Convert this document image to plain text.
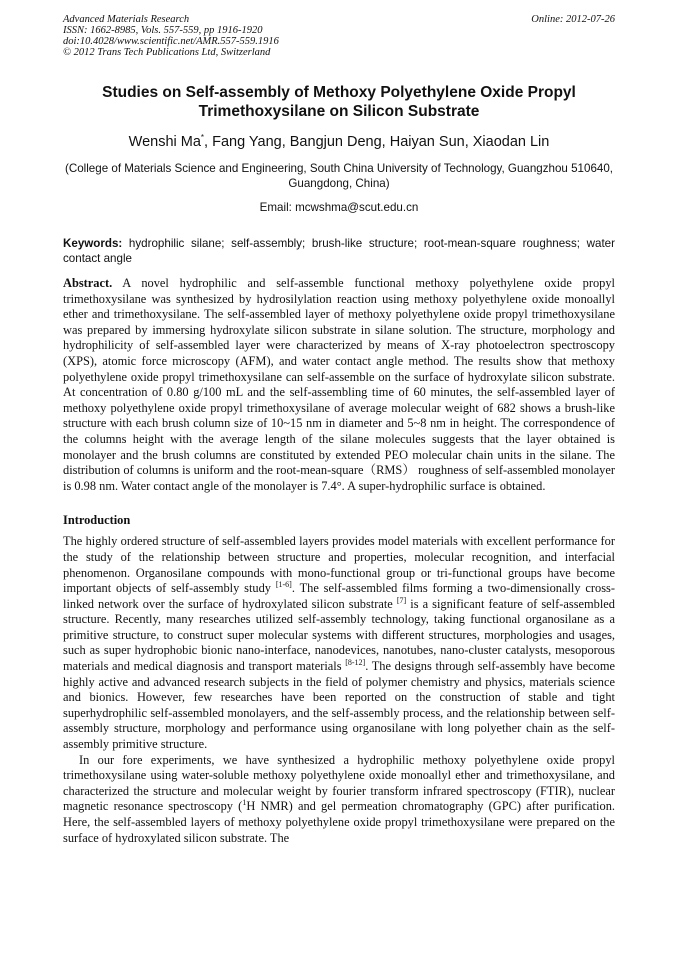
Advanced Materials Research
ISSN: 1662-8985, Vols. 557-559, pp 1916-1920
doi:10.4028/www.scientific.net/AMR.557-559.1916
© 2012 Trans Tech Publications Ltd, Switzerland
Online: 2012-07-26
Studies on Self-assembly of Methoxy Polyethylene Oxide Propyl Trimethoxysilane on Silicon Substrate
Wenshi Ma*, Fang Yang, Bangjun Deng, Haiyan Sun, Xiaodan Lin
(College of Materials Science and Engineering, South China University of Technology, Guangzhou 510640, Guangdong, China)
Email: mcwshma@scut.edu.cn
Keywords: hydrophilic silane; self-assembly; brush-like structure; root-mean-square roughness; water contact angle
Abstract. A novel hydrophilic and self-assemble functional methoxy polyethylene oxide propyl trimethoxysilane was synthesized by hydrosilylation reaction using methoxy polyethylene oxide monoallyl ether and trimethoxysilane. The self-assembled layer of methoxy polyethylene oxide propyl trimethoxysilane was prepared by immersing hydroxylate silicon substrate in silane solution. The structure, morphology and hydrophilicity of self-assembled layer were characterized by means of X-ray photoelectron spectroscopy (XPS), atomic force microscopy (AFM), and water contact angle method. The results show that methoxy polyethylene oxide propyl trimethoxysilane can self-assemble on the surface of hydroxylate silicon substrate. At concentration of 0.80 g/100 mL and the self-assembling time of 60 minutes, the self-assembled layer of methoxy polyethylene oxide propyl trimethoxysilane of average molecular weight of 682 shows a brush-like structure with each brush column size of 10~15 nm in diameter and 5~8 nm in height. The correspondence of the columns height with the average length of the silane molecules suggests that the layer obtained is monolayer and the brush columns are constituted by extended PEO molecular chain units in the silane. The distribution of columns is uniform and the root-mean-square（RMS） roughness of self-assembled monolayer is 0.98 nm. Water contact angle of the monolayer is 7.4°. A super-hydrophilic surface is obtained.
Introduction
The highly ordered structure of self-assembled layers provides model materials with excellent performance for the study of the relationship between structure and properties, molecular recognition, and interfacial phenomenon. Organosilane compounds with mono-functional group or tri-functional groups have become important objects of self-assembly study [1-6]. The self-assembled films forming a two-dimensionally cross-linked network over the surface of hydroxylated silicon substrate [7] is a significant feature of self-assembled structure. Recently, many researches utilized self-assembly technology, taking functional organosilane as a primitive structure, to construct super molecular systems with different structures, morphologies and usages, such as super hydrophobic bionic nano-interface, nanodevices, nanotubes, nano-cluster catalysts, mesoporous materials and medical diagnosis and transport materials [8-12]. The designs through self-assembly have become highly active and advanced research subjects in the field of polymer chemistry and physics, materials science and bionics. However, few researches have been reported on the construction of stable and tight superhydrophilic self-assembled monolayers, and the self-assembly process, and the relationship between self-assembly structure, morphology and performance using organosilane with long polyether chain as the self-assembly primitive structure.
In our fore experiments, we have synthesized a hydrophilic methoxy polyethylene oxide propyl trimethoxysilane using water-soluble methoxy polyethylene oxide monoallyl ether and trimethoxysilane, and characterized the structure and molecular weight by fourier transform infrared spectroscopy (FTIR), nuclear magnetic resonance spectroscopy ($^1$H NMR) and gel permeation chromatography (GPC) after purification. Here, the self-assembled layers of methoxy polyethylene oxide propyl trimethoxysilane were prepared on the surface of hydroxylated silicon substrate. The
